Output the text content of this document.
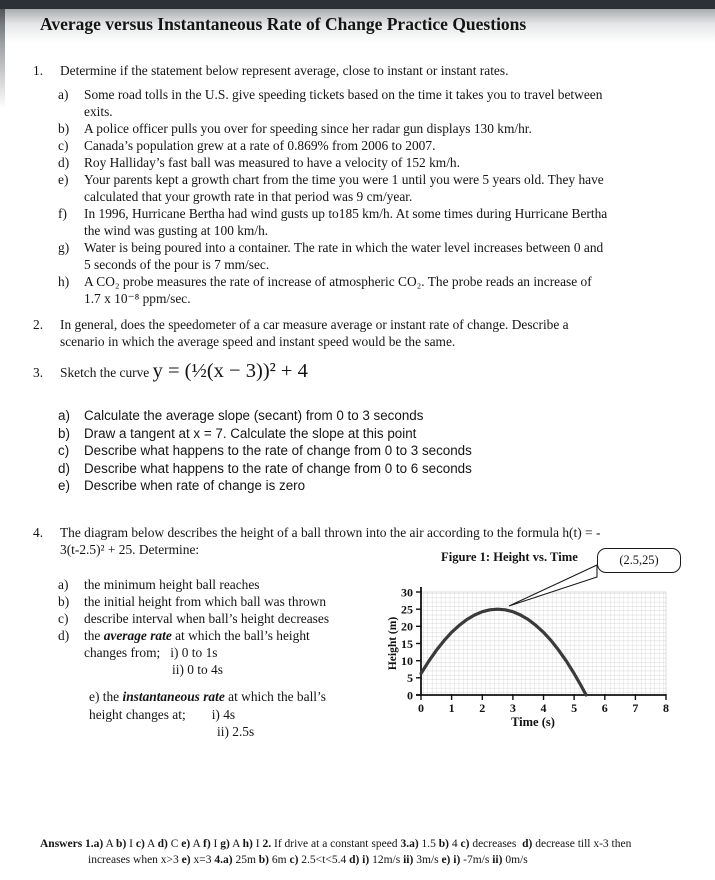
Average versus Instantaneous Rate of Change Practice Questions
1.	Determine if the statement below represent average, close to instant or instant rates.
a)	Some road tolls in the U.S. give speeding tickets based on the time it takes you to travel between
exits.
b)	A police officer pulls you over for speeding since her radar gun displays 130 km/hr.
c)	Canada’s population grew at a rate of 0.869% from 2006 to 2007.
d)	Roy Halliday’s fast ball was measured to have a velocity of 152 km/h.
e)	Your parents kept a growth chart from the time you were 1 until you were 5 years old. They have
calculated that your growth rate in that period was 9 cm/year.
f)	In 1996, Hurricane Bertha had wind gusts up to185 km/h. At some times during Hurricane Bertha
the wind was gusting at 100 km/h.
g)	Water is being poured into a container. The rate in which the water level increases between 0 and
5 seconds of the pour is 7 mm/sec.
h)	A CO₂ probe measures the rate of increase of atmospheric CO₂. The probe reads an increase of
1.7 x 10⁻⁸ ppm/sec.
2.	In general, does the speedometer of a car measure average or instant rate of change. Describe a
scenario in which the average speed and instant speed would be the same.
3.	Sketch the curve y = (½(x − 3))² + 4
a)	Calculate the average slope (secant) from 0 to 3 seconds
b)	Draw a tangent at x = 7. Calculate the slope at this point
c)	Describe what happens to the rate of change from 0 to 3 seconds
d)	Describe what happens to the rate of change from 0 to 6 seconds
e)	Describe when rate of change is zero
4.	The diagram below describes the height of a ball thrown into the air according to the formula h(t) = -
3(t-2.5)² + 25. Determine:
a)	the minimum height ball reaches
b)	the initial height from which ball was thrown
c)	describe interval when ball’s height decreases
d)	the average rate at which the ball’s height
changes from; i) 0 to 1s
ii) 0 to 4s
e) the instantaneous rate at which the ball’s
height changes at; i) 4s
ii) 2.5s
Figure 1: Height vs. Time	(2.5,25)
0
5
10
15
20
25
30
0 1 2 3 4 5 6 7 8
Time (s)
Height (m)
Answers 1.a) A b) I c) A d) C e) A f) I g) A h) I 2. If drive at a constant speed 3.a) 1.5 b) 4 c) decreases  d) decrease till x-3 then
increases when x>3 e) x=3 4.a) 25m b) 6m c) 2.5<t<5.4 d) i) 12m/s ii) 3m/s e) i) -7m/s ii) 0m/s
